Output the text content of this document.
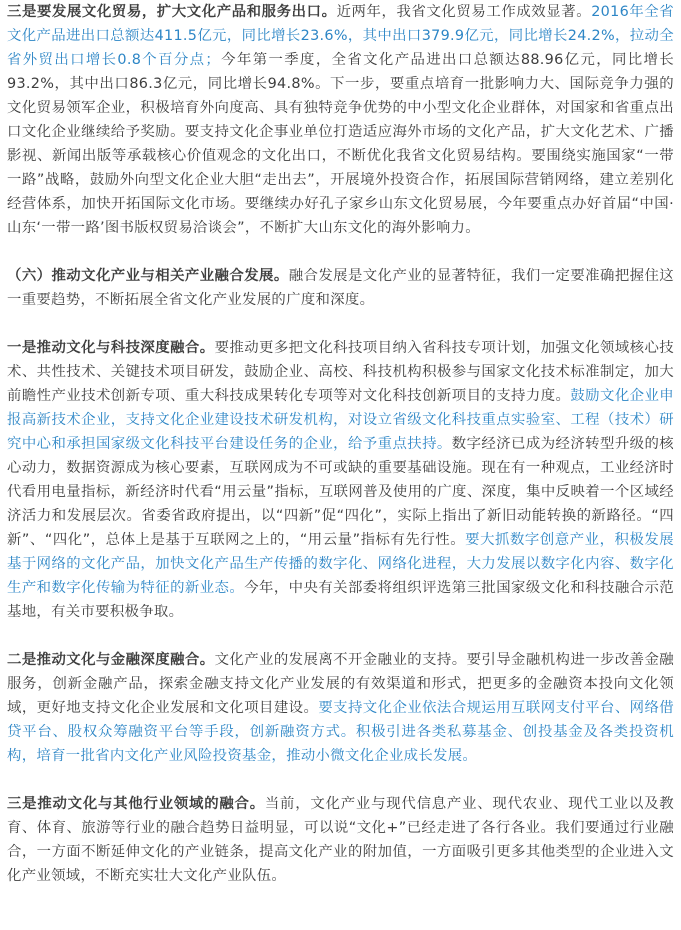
三是要发展文化贸易，扩大文化产品和服务出口。近两年，我省文化贸易工作成效显著。2016年全省文化产品进出口总额达411.5亿元，同比增长23.6%，其中出口379.9亿元，同比增长24.2%，拉动全省外贸出口增长0.8个百分点；今年第一季度，全省文化产品进出口总额达88.96亿元，同比增长93.2%，其中出口86.3亿元，同比增长94.8%。下一步，要重点培育一批影响力大、国际竞争力强的文化贸易领军企业，积极培育外向度高、具有独特竞争优势的中小型文化企业群体，对国家和省重点出口文化企业继续给予奖励。要支持文化企事业单位打造适应海外市场的文化产品，扩大文化艺术、广播影视、新闻出版等承载核心价值观念的文化出口，不断优化我省文化贸易结构。要围绕实施国家“一带一路”战略，鼓励外向型文化企业大胆“走出去”，开展境外投资合作，拓展国际营销网络，建立差别化经营体系，加快开拓国际文化市场。要继续办好孔子家乡山东文化贸易展，今年要重点办好首届“中国·山东‘一带一路’图书版权贸易洽谈会”，不断扩大山东文化的海外影响力。

（六）推动文化产业与相关产业融合发展。融合发展是文化产业的显著特征，我们一定要准确把握住这一重要趋势，不断拓展全省文化产业发展的广度和深度。

一是推动文化与科技深度融合。要推动更多把文化科技项目纳入省科技专项计划，加强文化领域核心技术、共性技术、关键技术项目研发，鼓励企业、高校、科技机构积极参与国家文化技术标准制定，加大前瞻性产业技术创新专项、重大科技成果转化专项等对文化科技创新项目的支持力度。鼓励文化企业申报高新技术企业，支持文化企业建设技术研发机构，对设立省级文化科技重点实验室、工程（技术）研究中心和承担国家级文化科技平台建设任务的企业，给予重点扶持。数字经济已成为经济转型升级的核心动力，数据资源成为核心要素，互联网成为不可或缺的重要基础设施。现在有一种观点，工业经济时代看用电量指标，新经济时代看“用云量”指标，互联网普及使用的广度、深度，集中反映着一个区域经济活力和发展层次。省委省政府提出，以“四新”促“四化”，实际上指出了新旧动能转换的新路径。“四新”、“四化”，总体上是基于互联网之上的，“用云量”指标有先行性。要大抓数字创意产业，积极发展基于网络的文化产品，加快文化产品生产传播的数字化、网络化进程，大力发展以数字化内容、数字化生产和数字化传输为特征的新业态。今年，中央有关部委将组织评选第三批国家级文化和科技融合示范基地，有关市要积极争取。

二是推动文化与金融深度融合。文化产业的发展离不开金融业的支持。要引导金融机构进一步改善金融服务，创新金融产品，探索金融支持文化产业发展的有效渠道和形式，把更多的金融资本投向文化领域，更好地支持文化企业发展和文化项目建设。要支持文化企业依法合规运用互联网支付平台、网络借贷平台、股权众筹融资平台等手段，创新融资方式。积极引进各类私募基金、创投基金及各类投资机构，培育一批省内文化产业风险投资基金，推动小微文化企业成长发展。

三是推动文化与其他行业领域的融合。当前，文化产业与现代信息产业、现代农业、现代工业以及教育、体育、旅游等行业的融合趋势日益明显，可以说“文化+”已经走进了各行各业。我们要通过行业融合，一方面不断延伸文化的产业链条，提高文化产业的附加值，一方面吸引更多其他类型的企业进入文化产业领域，不断充实壮大文化产业队伍。
